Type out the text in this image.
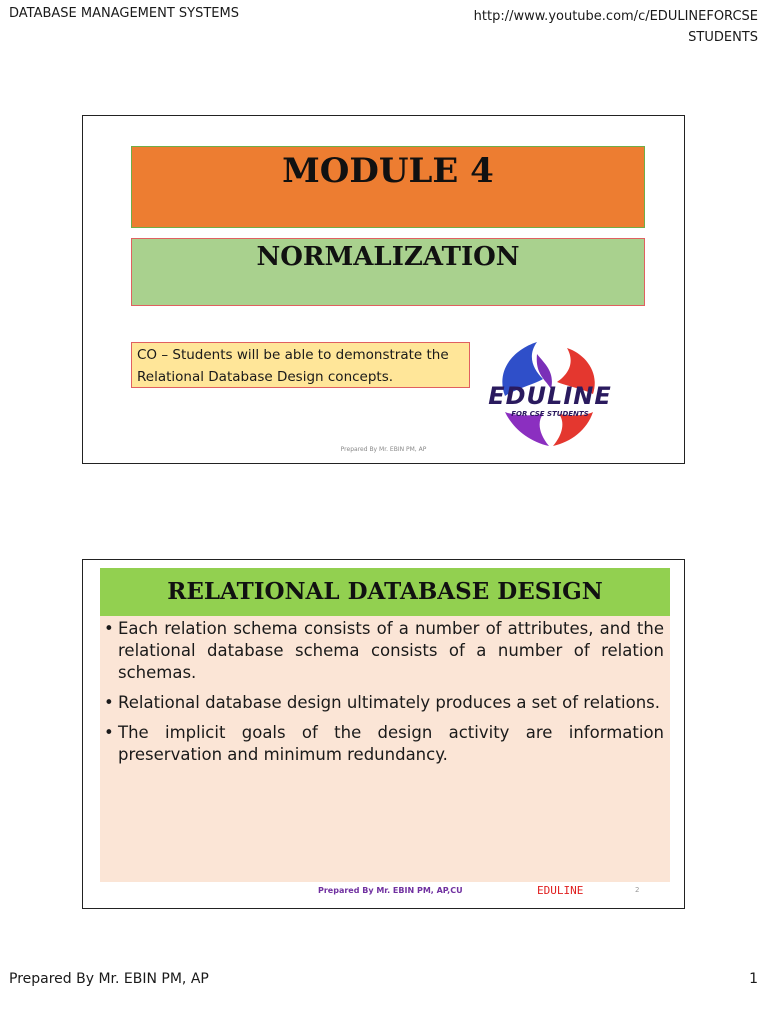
DATABASE MANAGEMENT SYSTEMS	http://www.youtube.com/c/EDULINEFORCSE
STUDENTS
MODULE 4
NORMALIZATION
CO – Students will be able to demonstrate the Relational Database Design concepts.
EDULINE
FOR CSE STUDENTS
Prepared By Mr. EBIN PM, AP
RELATIONAL DATABASE DESIGN
• Each relation schema consists of a number of attributes, and the relational database schema consists of a number of relation schemas.
• Relational database design ultimately produces a set of relations.
• The implicit goals of the design activity are information preservation and minimum redundancy.
Prepared By Mr. EBIN PM, AP,CU	EDULINE	2
Prepared By Mr. EBIN PM, AP	1
